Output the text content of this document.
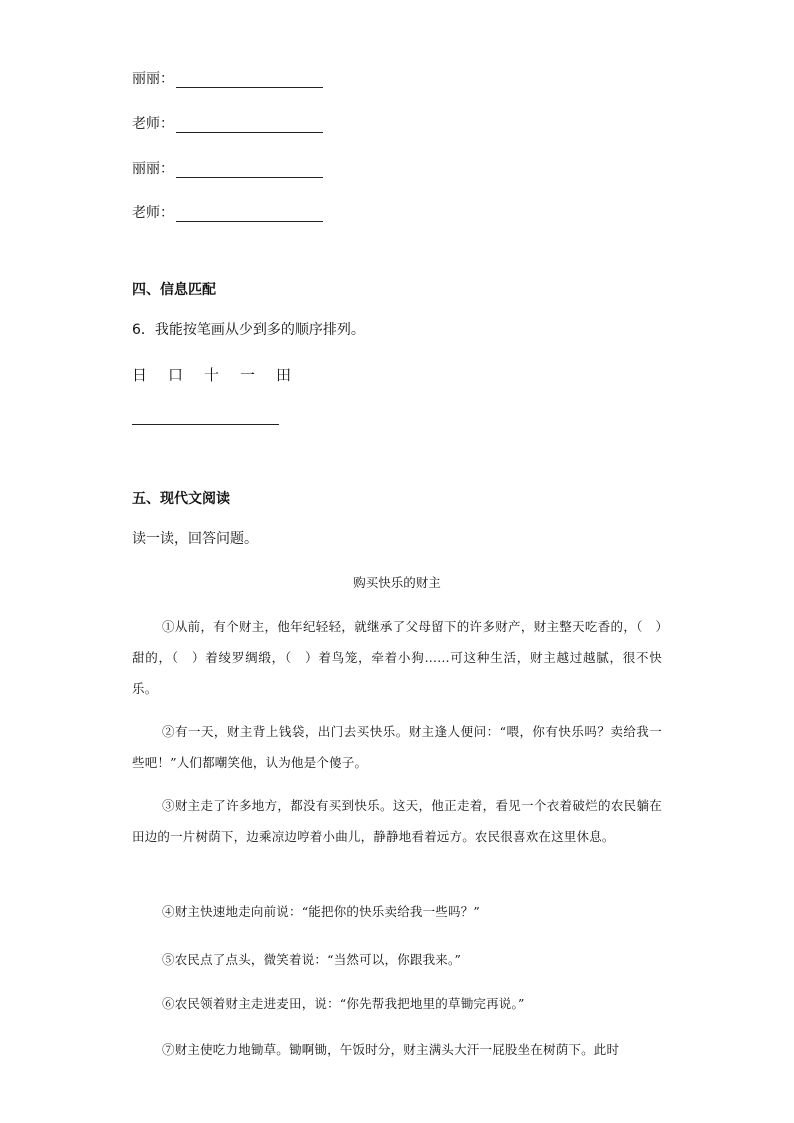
丽丽：
老师：
丽丽：
老师：
四、信息匹配
6．我能按笔画从少到多的顺序排列。
日	口	十	一	田
五、现代文阅读
读一读，回答问题。
购买快乐的财主
①从前，有个财主，他年纪轻轻，就继承了父母留下的许多财产，财主整天吃香的，（　）甜的，（　）着绫罗绸缎，（　）着鸟笼，牵着小狗……可这种生活，财主越过越腻，很不快乐。
②有一天，财主背上钱袋，出门去买快乐。财主逢人便问：“喂，你有快乐吗？卖给我一些吧！”人们都嘲笑他，认为他是个傻子。
③财主走了许多地方，都没有买到快乐。这天，他正走着，看见一个衣着破烂的农民躺在田边的一片树荫下，边乘凉边哼着小曲儿，静静地看着远方。农民很喜欢在这里休息。
④财主快速地走向前说：“能把你的快乐卖给我一些吗？”
⑤农民点了点头，微笑着说：“当然可以，你跟我来。”
⑥农民领着财主走进麦田，说：“你先帮我把地里的草锄完再说。”
⑦财主使吃力地锄草。锄啊锄，午饭时分，财主满头大汗一屁股坐在树荫下。此时
